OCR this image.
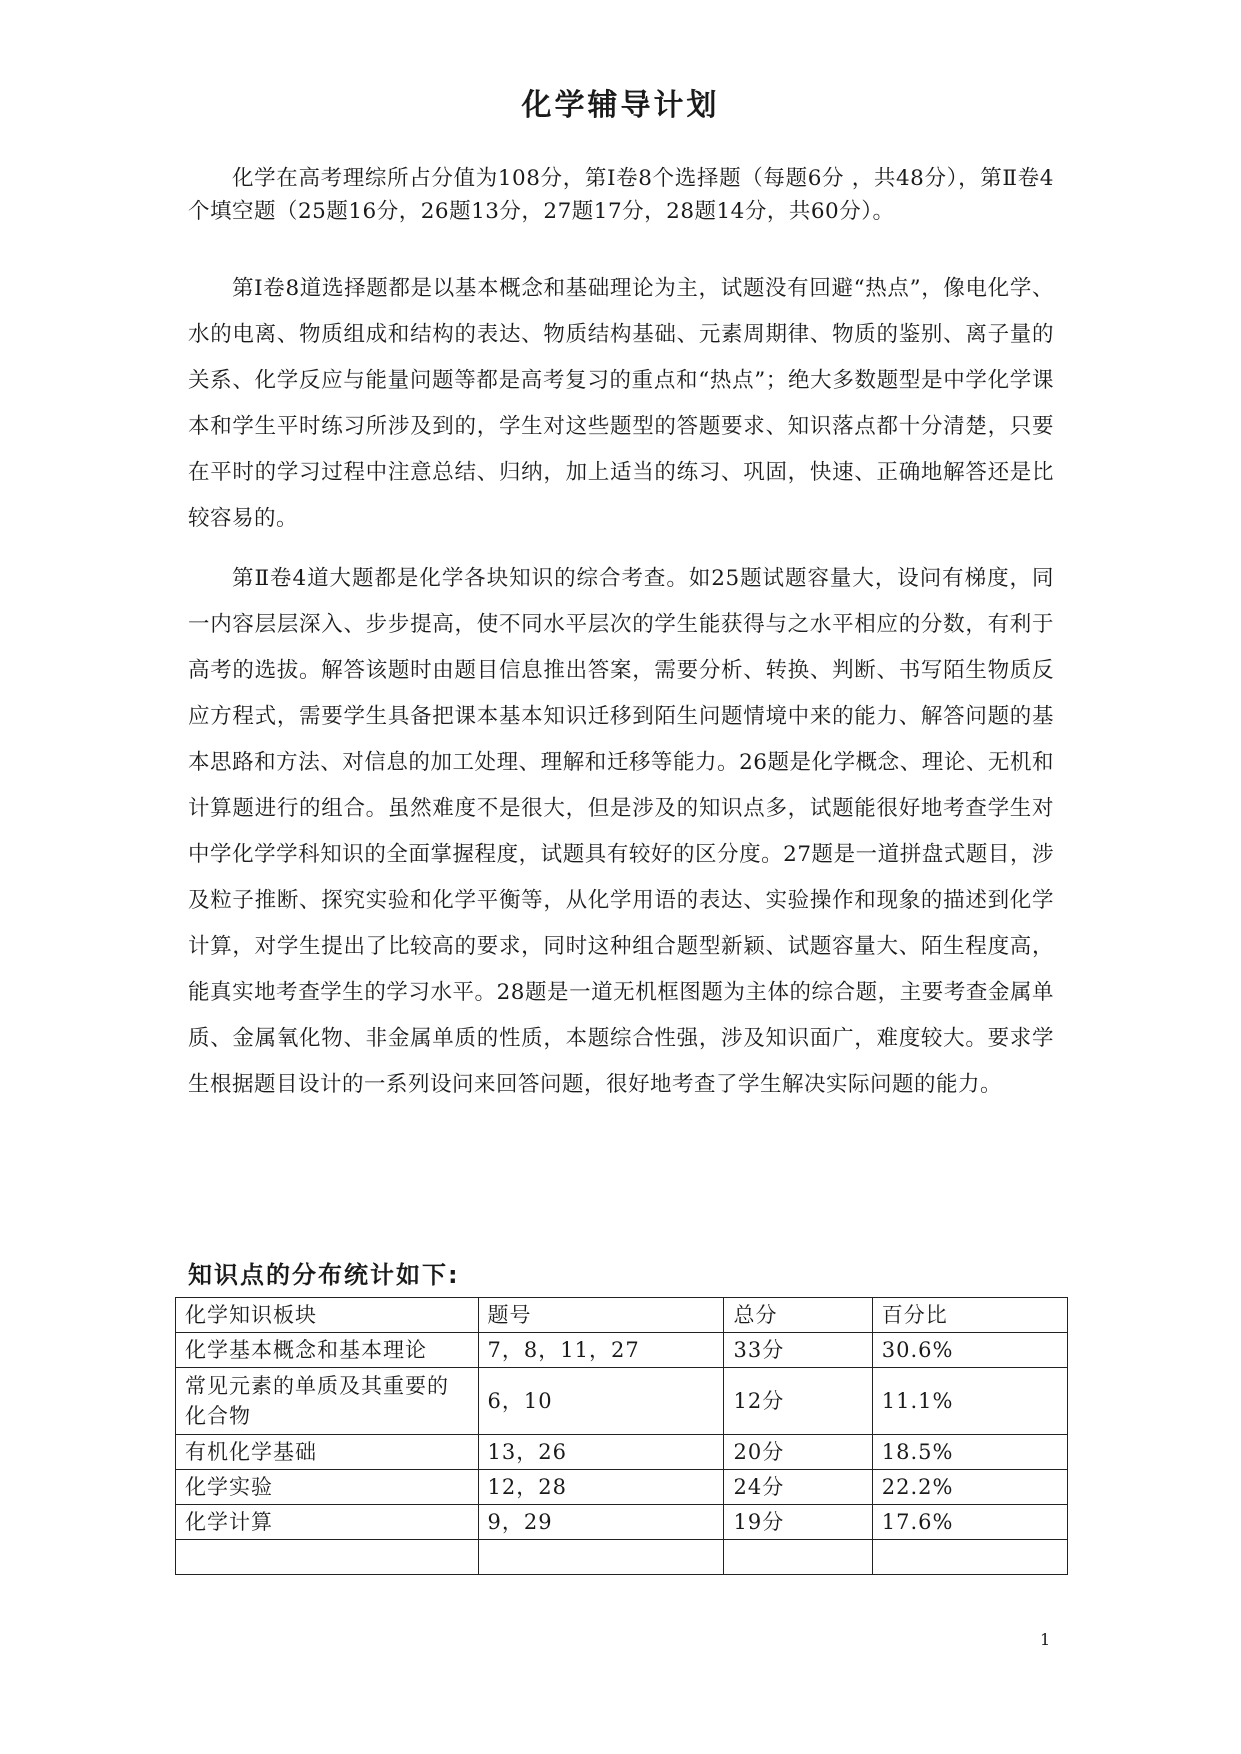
化学辅导计划

化学在高考理综所占分值为108分，第Ⅰ卷8个选择题（每题6分 ，共48分），第Ⅱ卷4个填空题（25题16分，26题13分，27题17分，28题14分，共60分）。

第Ⅰ卷8道选择题都是以基本概念和基础理论为主，试题没有回避“热点”，像电化学、水的电离、物质组成和结构的表达、物质结构基础、元素周期律、物质的鉴别、离子量的关系、化学反应与能量问题等都是高考复习的重点和“热点”；绝大多数题型是中学化学课本和学生平时练习所涉及到的，学生对这些题型的答题要求、知识落点都十分清楚，只要在平时的学习过程中注意总结、归纳，加上适当的练习、巩固，快速、正确地解答还是比较容易的。

第Ⅱ卷4道大题都是化学各块知识的综合考查。如25题试题容量大，设问有梯度，同一内容层层深入、步步提高，使不同水平层次的学生能获得与之水平相应的分数，有利于高考的选拔。解答该题时由题目信息推出答案，需要分析、转换、判断、书写陌生物质反应方程式，需要学生具备把课本基本知识迁移到陌生问题情境中来的能力、解答问题的基本思路和方法、对信息的加工处理、理解和迁移等能力。26题是化学概念、理论、无机和计算题进行的组合。虽然难度不是很大，但是涉及的知识点多，试题能很好地考查学生对中学化学学科知识的全面掌握程度，试题具有较好的区分度。27题是一道拼盘式题目，涉及粒子推断、探究实验和化学平衡等，从化学用语的表达、实验操作和现象的描述到化学计算，对学生提出了比较高的要求，同时这种组合题型新颖、试题容量大、陌生程度高，能真实地考查学生的学习水平。28题是一道无机框图题为主体的综合题，主要考查金属单质、金属氧化物、非金属单质的性质，本题综合性强，涉及知识面广，难度较大。要求学生根据题目设计的一系列设问来回答问题，很好地考查了学生解决实际问题的能力。

知识点的分布统计如下:
化学知识板块	题号	总分	百分比
化学基本概念和基本理论	7，8，11，27	33分	30.6%
常见元素的单质及其重要的化合物	6，10	12分	11.1%
有机化学基础	13，26	20分	18.5%
化学实验	12，28	24分	22.2%
化学计算	9，29	19分	17.6%

1
